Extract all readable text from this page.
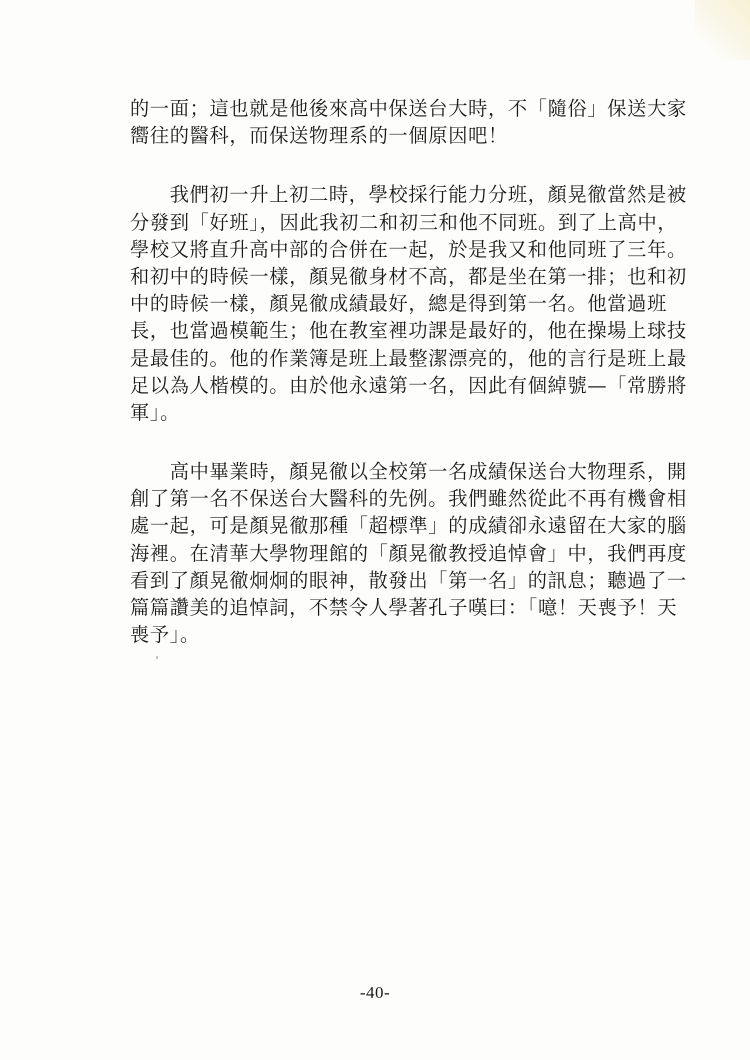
的一面；這也就是他後來高中保送台大時，不「隨俗」保送大家
嚮往的醫科，而保送物理系的一個原因吧！

　　我們初一升上初二時，學校採行能力分班，顏晃徹當然是被
分發到「好班」，因此我初二和初三和他不同班。到了上高中，
學校又將直升高中部的合併在一起，於是我又和他同班了三年。
和初中的時候一樣，顏晃徹身材不高，都是坐在第一排；也和初
中的時候一樣，顏晃徹成績最好，總是得到第一名。他當過班
長，也當過模範生；他在教室裡功課是最好的，他在操場上球技
是最佳的。他的作業簿是班上最整潔漂亮的，他的言行是班上最
足以為人楷模的。由於他永遠第一名，因此有個綽號—「常勝將
軍」。

　　高中畢業時，顏晃徹以全校第一名成績保送台大物理系，開
創了第一名不保送台大醫科的先例。我們雖然從此不再有機會相
處一起，可是顏晃徹那種「超標準」的成績卻永遠留在大家的腦
海裡。在清華大學物理館的「顏晃徹教授追悼會」中，我們再度
看到了顏晃徹炯炯的眼神，散發出「第一名」的訊息；聽過了一
篇篇讚美的追悼詞，不禁令人學著孔子嘆曰：「噫！天喪予！天
喪予」。

-40-
